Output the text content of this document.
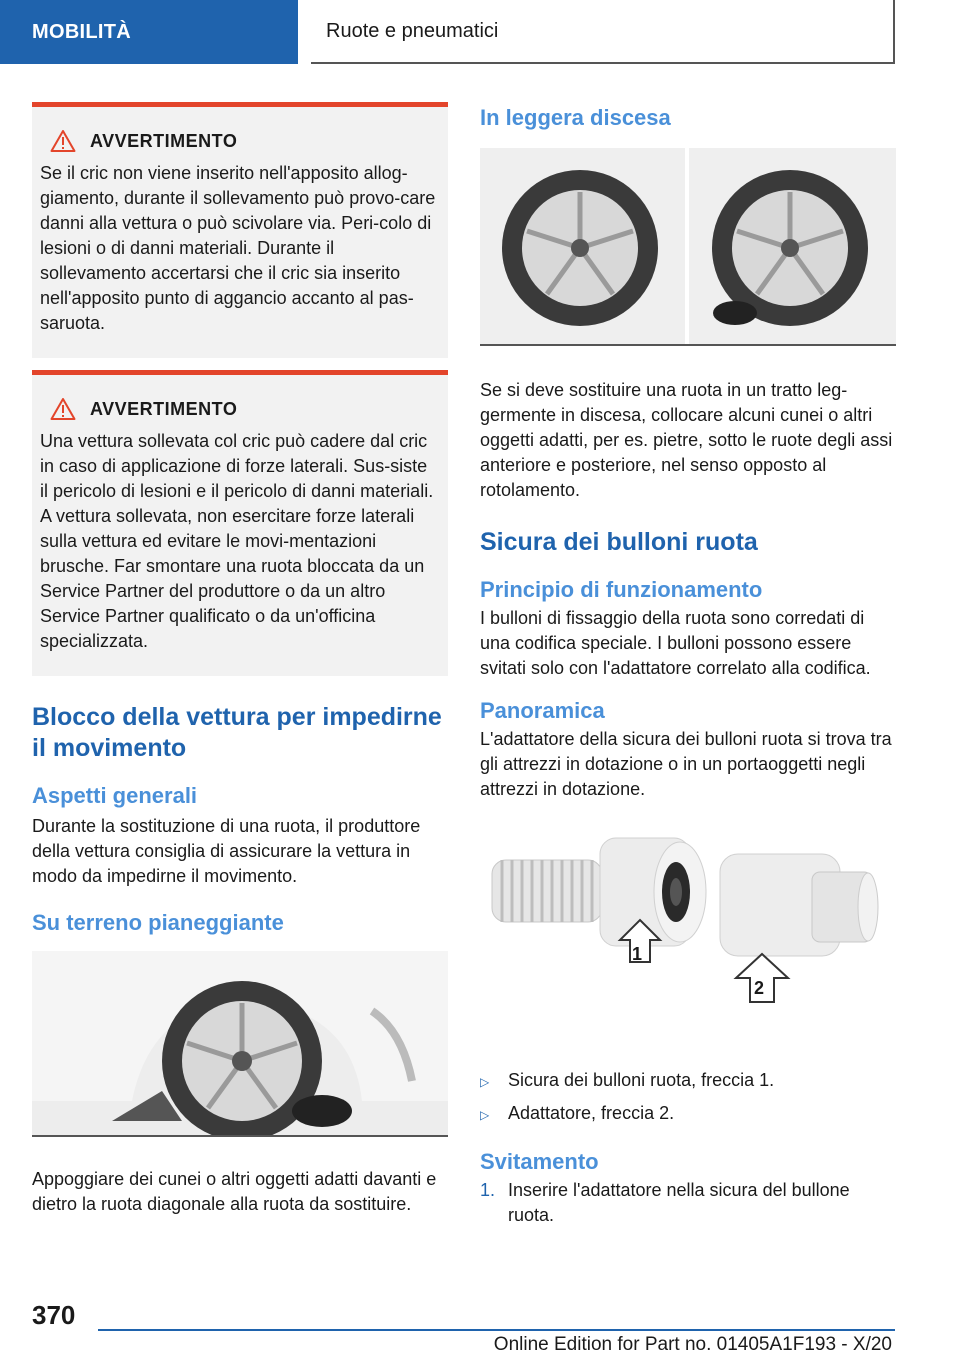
MOBILITÀ	Ruote e pneumatici
AVVERTIMENTO

Se il cric non viene inserito nell'apposito allog-giamento, durante il sollevamento può provo-care danni alla vettura o può scivolare via. Peri-colo di lesioni o di danni materiali. Durante il sollevamento accertarsi che il cric sia inserito nell'apposito punto di aggancio accanto al pas-saruota.

AVVERTIMENTO

Una vettura sollevata col cric può cadere dal cric in caso di applicazione di forze laterali. Sus-siste il pericolo di lesioni e il pericolo di danni materiali. A vettura sollevata, non esercitare forze laterali sulla vettura ed evitare le movi-mentazioni brusche. Far smontare una ruota bloccata da un Service Partner del produttore o da un altro Service Partner qualificato o da un'officina specializzata.

Blocco della vettura per impedirne il movimento
Aspetti generali

Durante la sostituzione di una ruota, il produttore della vettura consiglia di assicurare la vettura in modo da impedirne il movimento.

Su terreno pianeggiante

Appoggiare dei cunei o altri oggetti adatti davanti e dietro la ruota diagonale alla ruota da sostituire.

In leggera discesa

Se si deve sostituire una ruota in un tratto leg-germente in discesa, collocare alcuni cunei o altri oggetti adatti, per es. pietre, sotto le ruote degli assi anteriore e posteriore, nel senso opposto al rotolamento.

Sicura dei bulloni ruota
Principio di funzionamento

I bulloni di fissaggio della ruota sono corredati di una codifica speciale. I bulloni possono essere svitati solo con l'adattatore correlato alla codifica.

Panoramica

L'adattatore della sicura dei bulloni ruota si trova tra gli attrezzi in dotazione o in un portaoggetti negli attrezzi in dotazione.

1
2
▷	Sicura dei bulloni ruota, freccia 1.
▷	Adattatore, freccia 2.
Svitamento
1. Inserire l'adattatore nella sicura del bullone ruota.
370
Online Edition for Part no. 01405A1F193 - X/20
